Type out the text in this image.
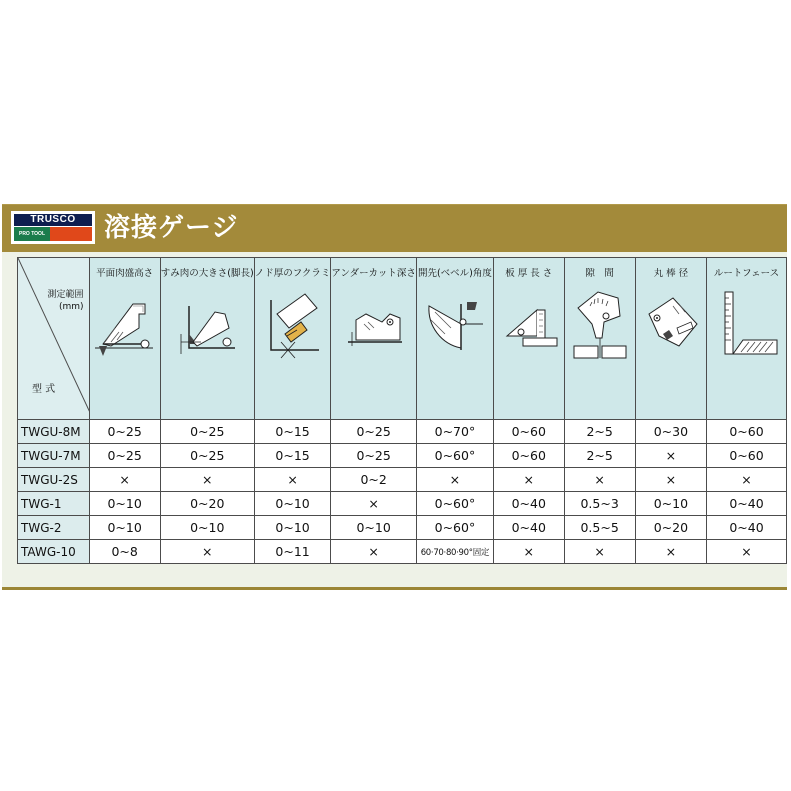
TRUSCO
PRO TOOL 溶接ゲージ
測定範囲
(mm)
型 式	平面肉盛高さ	すみ肉の大きさ(脚長)	ノド厚のフクラミ	アンダーカット深さ	開先(ベベル)角度	板 厚 長 さ	隙　間	丸 棒 径	ルートフェース

TWGU-8M	0~25	0~25	0~15	0~25	0~70°	0~60	2~5	0~30	0~60
TWGU-7M	0~25	0~25	0~15	0~25	0~60°	0~60	2~5	×	0~60
TWGU-2S	×	×	×	0~2	×	×	×	×	×
TWG-1	0~10	0~20	0~10	×	0~60°	0~40	0.5~3	0~10	0~40
TWG-2	0~10	0~10	0~10	0~10	0~60°	0~40	0.5~5	0~20	0~40
TAWG-10	0~8	×	0~11	×	60·70·80·90°固定	×	×	×	×
